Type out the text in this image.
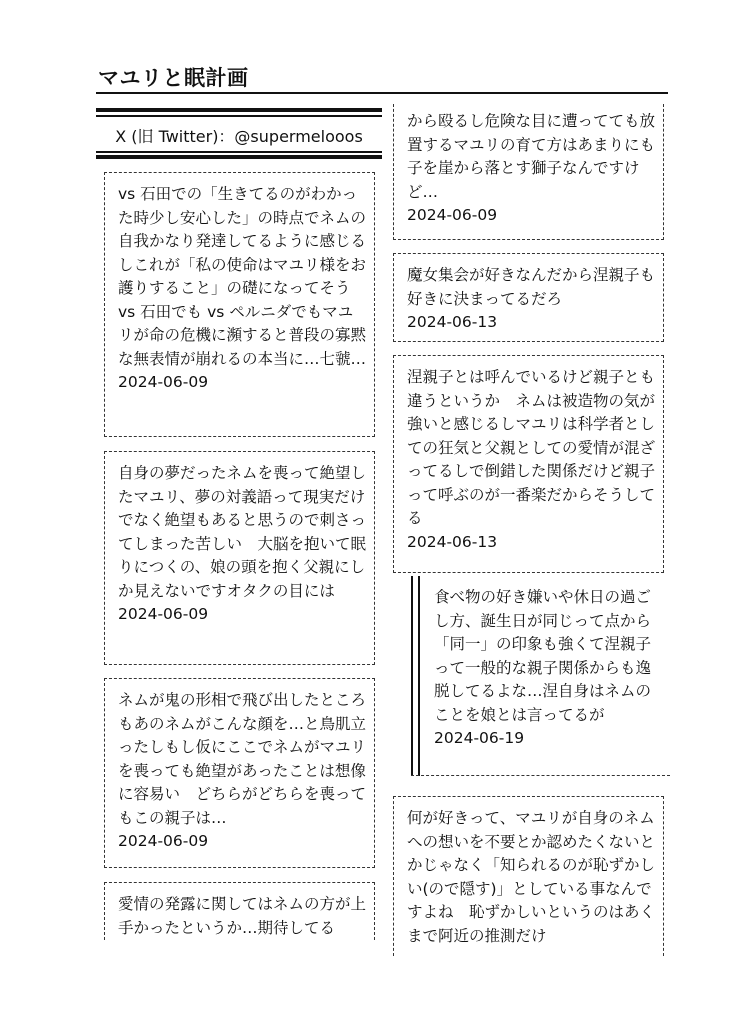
マユリと眠計画
X (旧 Twitter)：@supermelooos
vs 石田での「生きてるのがわかった時少し安心した」の時点でネムの自我かなり発達してるように感じるしこれが「私の使命はマユリ様をお護りすること」の礎になってそう　vs 石田でも vs ペルニダでもマユリが命の危機に瀕すると普段の寡黙な無表情が崩れるの本当に…七虢…
2024-06-09
自身の夢だったネムを喪って絶望したマユリ、夢の対義語って現実だけでなく絶望もあると思うので刺さってしまった苦しい　大脳を抱いて眠りにつくの、娘の頭を抱く父親にしか見えないですオタクの目には
2024-06-09
ネムが鬼の形相で飛び出したところもあのネムがこんな顔を…と鳥肌立ったしもし仮にここでネムがマユリを喪っても絶望があったことは想像に容易い　どちらがどちらを喪ってもこの親子は…
2024-06-09
愛情の発露に関してはネムの方が上手かったというか…期待してる
から殴るし危険な目に遭ってても放置するマユリの育て方はあまりにも子を崖から落とす獅子なんですけど…
2024-06-09
魔女集会が好きなんだから涅親子も好きに決まってるだろ
2024-06-13
涅親子とは呼んでいるけど親子とも違うというか　ネムは被造物の気が強いと感じるしマユリは科学者としての狂気と父親としての愛情が混ざってるしで倒錯した関係だけど親子って呼ぶのが一番楽だからそうしてる
2024-06-13
食べ物の好き嫌いや休日の過ごし方、誕生日が同じって点から「同一」の印象も強くて涅親子って一般的な親子関係からも逸脱してるよな…涅自身はネムのことを娘とは言ってるが
2024-06-19
何が好きって、マユリが自身のネムへの想いを不要とか認めたくないとかじゃなく「知られるのが恥ずかしい(ので隠す)」としている事なんですよね　恥ずかしいというのはあくまで阿近の推測だけ
